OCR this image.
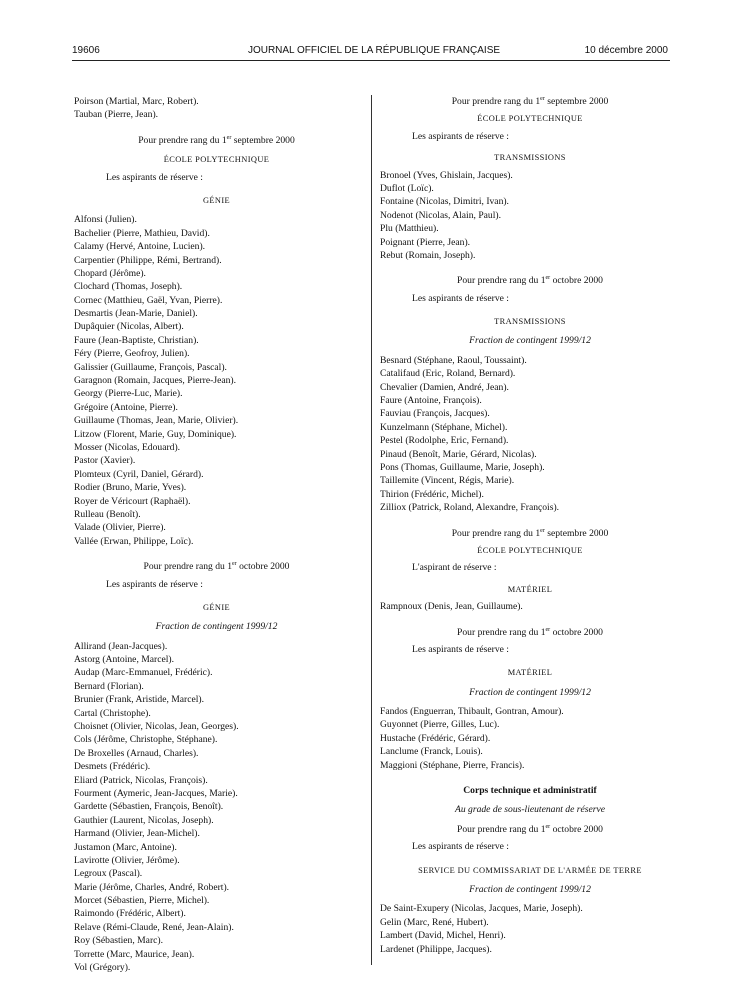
19606	JOURNAL OFFICIEL DE LA RÉPUBLIQUE FRANÇAISE	10 décembre 2000
Poirson (Martial, Marc, Robert).
Tauban (Pierre, Jean).
Pour prendre rang du 1er septembre 2000
ÉCOLE POLYTECHNIQUE
Les aspirants de réserve :
GÉNIE
Alfonsi (Julien).
Bachelier (Pierre, Mathieu, David).
Calamy (Hervé, Antoine, Lucien).
Carpentier (Philippe, Rémi, Bertrand).
Chopard (Jérôme).
Clochard (Thomas, Joseph).
Cornec (Matthieu, Gaël, Yvan, Pierre).
Desmartis (Jean-Marie, Daniel).
Dupâquier (Nicolas, Albert).
Faure (Jean-Baptiste, Christian).
Féry (Pierre, Geofroy, Julien).
Galissier (Guillaume, François, Pascal).
Garagnon (Romain, Jacques, Pierre-Jean).
Georgy (Pierre-Luc, Marie).
Grégoire (Antoine, Pierre).
Guillaume (Thomas, Jean, Marie, Olivier).
Litzow (Florent, Marie, Guy, Dominique).
Mosser (Nicolas, Edouard).
Pastor (Xavier).
Plomteux (Cyril, Daniel, Gérard).
Rodier (Bruno, Marie, Yves).
Royer de Véricourt (Raphaël).
Rulleau (Benoît).
Valade (Olivier, Pierre).
Vallée (Erwan, Philippe, Loïc).
Pour prendre rang du 1er octobre 2000
Les aspirants de réserve :
GÉNIE
Fraction de contingent 1999/12
Allirand (Jean-Jacques).
Astorg (Antoine, Marcel).
Audap (Marc-Emmanuel, Frédéric).
Bernard (Florian).
Brunier (Frank, Aristide, Marcel).
Cartal (Christophe).
Choisnet (Olivier, Nicolas, Jean, Georges).
Cols (Jérôme, Christophe, Stéphane).
De Broxelles (Arnaud, Charles).
Desmets (Frédéric).
Eliard (Patrick, Nicolas, François).
Fourment (Aymeric, Jean-Jacques, Marie).
Gardette (Sébastien, François, Benoît).
Gauthier (Laurent, Nicolas, Joseph).
Harmand (Olivier, Jean-Michel).
Justamon (Marc, Antoine).
Lavirotte (Olivier, Jérôme).
Legroux (Pascal).
Marie (Jérôme, Charles, André, Robert).
Morcet (Sébastien, Pierre, Michel).
Raimondo (Frédéric, Albert).
Relave (Rémi-Claude, René, Jean-Alain).
Roy (Sébastien, Marc).
Torrette (Marc, Maurice, Jean).
Vol (Grégory).
Pour prendre rang du 1er septembre 2000
ÉCOLE POLYTECHNIQUE
Les aspirants de réserve :
TRANSMISSIONS
Bronoel (Yves, Ghislain, Jacques).
Duflot (Loïc).
Fontaine (Nicolas, Dimitri, Ivan).
Nodenot (Nicolas, Alain, Paul).
Plu (Matthieu).
Poignant (Pierre, Jean).
Rebut (Romain, Joseph).
Pour prendre rang du 1er octobre 2000
Les aspirants de réserve :
TRANSMISSIONS
Fraction de contingent 1999/12
Besnard (Stéphane, Raoul, Toussaint).
Catalifaud (Eric, Roland, Bernard).
Chevalier (Damien, André, Jean).
Faure (Antoine, François).
Fauviau (François, Jacques).
Kunzelmann (Stéphane, Michel).
Pestel (Rodolphe, Eric, Fernand).
Pinaud (Benoît, Marie, Gérard, Nicolas).
Pons (Thomas, Guillaume, Marie, Joseph).
Taillemite (Vincent, Régis, Marie).
Thirion (Frédéric, Michel).
Zilliox (Patrick, Roland, Alexandre, François).
Pour prendre rang du 1er septembre 2000
ÉCOLE POLYTECHNIQUE
L'aspirant de réserve :
MATÉRIEL
Rampnoux (Denis, Jean, Guillaume).
Pour prendre rang du 1er octobre 2000
Les aspirants de réserve :
MATÉRIEL
Fraction de contingent 1999/12
Fandos (Enguerran, Thibault, Gontran, Amour).
Guyonnet (Pierre, Gilles, Luc).
Hustache (Frédéric, Gérard).
Lanclume (Franck, Louis).
Maggioni (Stéphane, Pierre, Francis).
Corps technique et administratif
Au grade de sous-lieutenant de réserve
Pour prendre rang du 1er octobre 2000
Les aspirants de réserve :
SERVICE DU COMMISSARIAT DE L'ARMÉE DE TERRE
Fraction de contingent 1999/12
De Saint-Exupery (Nicolas, Jacques, Marie, Joseph).
Gelin (Marc, René, Hubert).
Lambert (David, Michel, Henri).
Lardenet (Philippe, Jacques).
